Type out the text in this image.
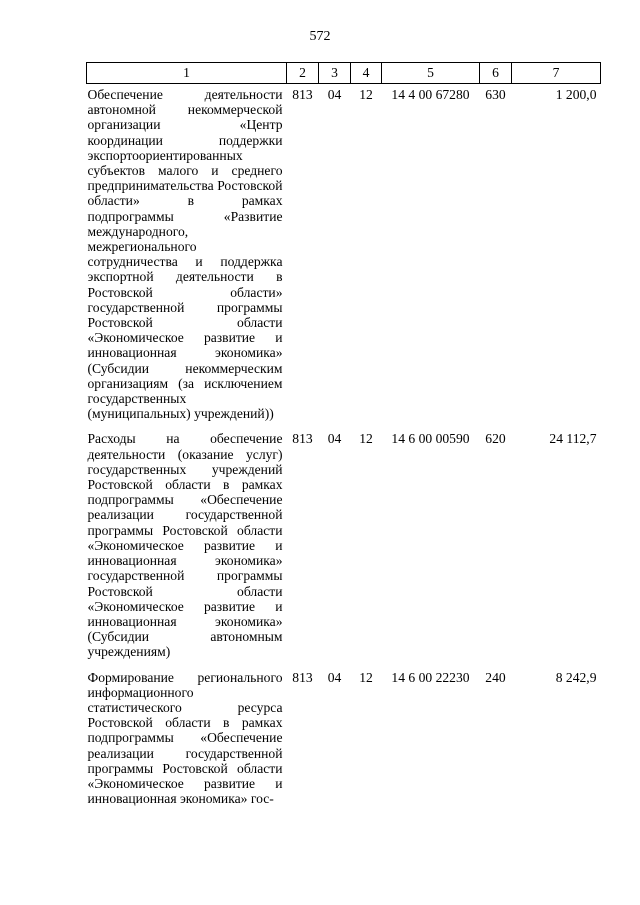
572
1	2	3	4	5	6	7
Обеспечение деятельности автономной некоммерческой организации «Центр координации поддержки экспортоориентированных субъектов малого и среднего предпринимательства Ростовской области» в рамках подпрограммы «Развитие международного, межрегионального сотрудничества и поддержка экспортной деятельности в Ростовской области» государственной программы Ростовской области «Экономическое развитие и инновационная экономика» (Субсидии некоммерческим организациям (за исключением государственных (муниципальных) учреждений))	813	04	12	14 4 00 67280	630	1 200,0
Расходы на обеспечение деятельности (оказание услуг) государственных учреждений Ростовской области в рамках подпрограммы «Обеспечение реализации государственной программы Ростовской области «Экономическое развитие и инновационная экономика» государственной программы Ростовской области «Экономическое развитие и инновационная экономика» (Субсидии автономным учреждениям)	813	04	12	14 6 00 00590	620	24 112,7
Формирование регионального информационного статистического ресурса Ростовской области в рамках подпрограммы «Обеспечение реализации государственной программы Ростовской области «Экономическое развитие и инновационная экономика» гос-	813	04	12	14 6 00 22230	240	8 242,9
